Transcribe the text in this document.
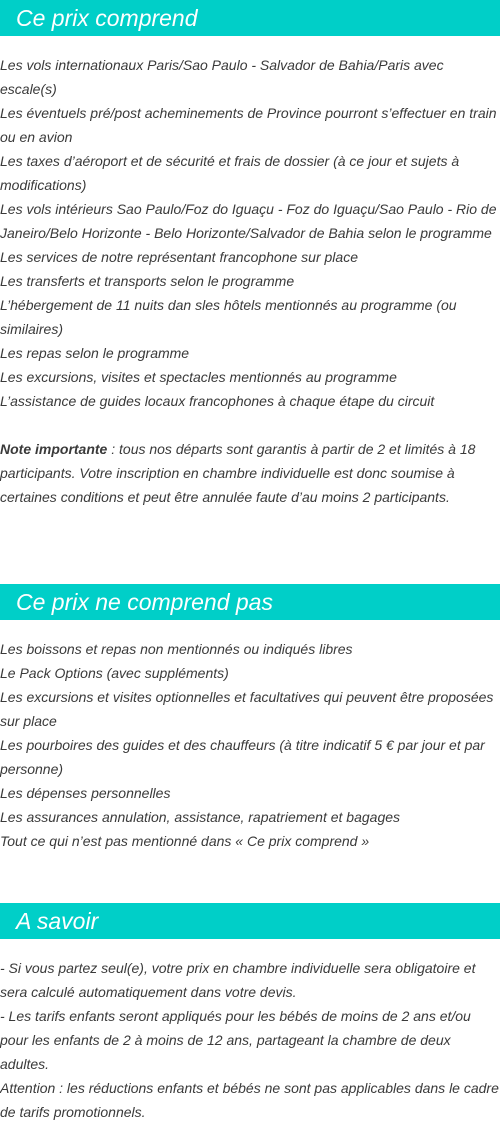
Ce prix comprend
Les vols internationaux Paris/Sao Paulo - Salvador de Bahia/Paris avec escale(s)
Les éventuels pré/post acheminements de Province pourront s’effectuer en train ou en avion
Les taxes d’aéroport et de sécurité et frais de dossier (à ce jour et sujets à modifications)
Les vols intérieurs Sao Paulo/Foz do Iguaçu - Foz do Iguaçu/Sao Paulo - Rio de Janeiro/Belo Horizonte - Belo Horizonte/Salvador de Bahia selon le programme
Les services de notre représentant francophone sur place
Les transferts et transports selon le programme
L’hébergement de 11 nuits dan sles hôtels mentionnés au programme (ou similaires)
Les repas selon le programme
Les excursions, visites et spectacles mentionnés au programme
L’assistance de guides locaux francophones à chaque étape du circuit
Note importante : tous nos départs sont garantis à partir de 2 et limités à 18 participants. Votre inscription en chambre individuelle est donc soumise à certaines conditions et peut être annulée faute d’au moins 2 participants.
Ce prix ne comprend pas
Les boissons et repas non mentionnés ou indiqués libres
Le Pack Options (avec suppléments)
Les excursions et visites optionnelles et facultatives qui peuvent être proposées sur place
Les pourboires des guides et des chauffeurs (à titre indicatif 5 € par jour et par personne)
Les dépenses personnelles
Les assurances annulation, assistance, rapatriement et bagages
Tout ce qui n’est pas mentionné dans « Ce prix comprend »
A savoir
- Si vous partez seul(e), votre prix en chambre individuelle sera obligatoire et sera calculé automatiquement dans votre devis.
- Les tarifs enfants seront appliqués pour les bébés de moins de 2 ans et/ou pour les enfants de 2 à moins de 12 ans, partageant la chambre de deux adultes.
Attention : les réductions enfants et bébés ne sont pas applicables dans le cadre de tarifs promotionnels.
